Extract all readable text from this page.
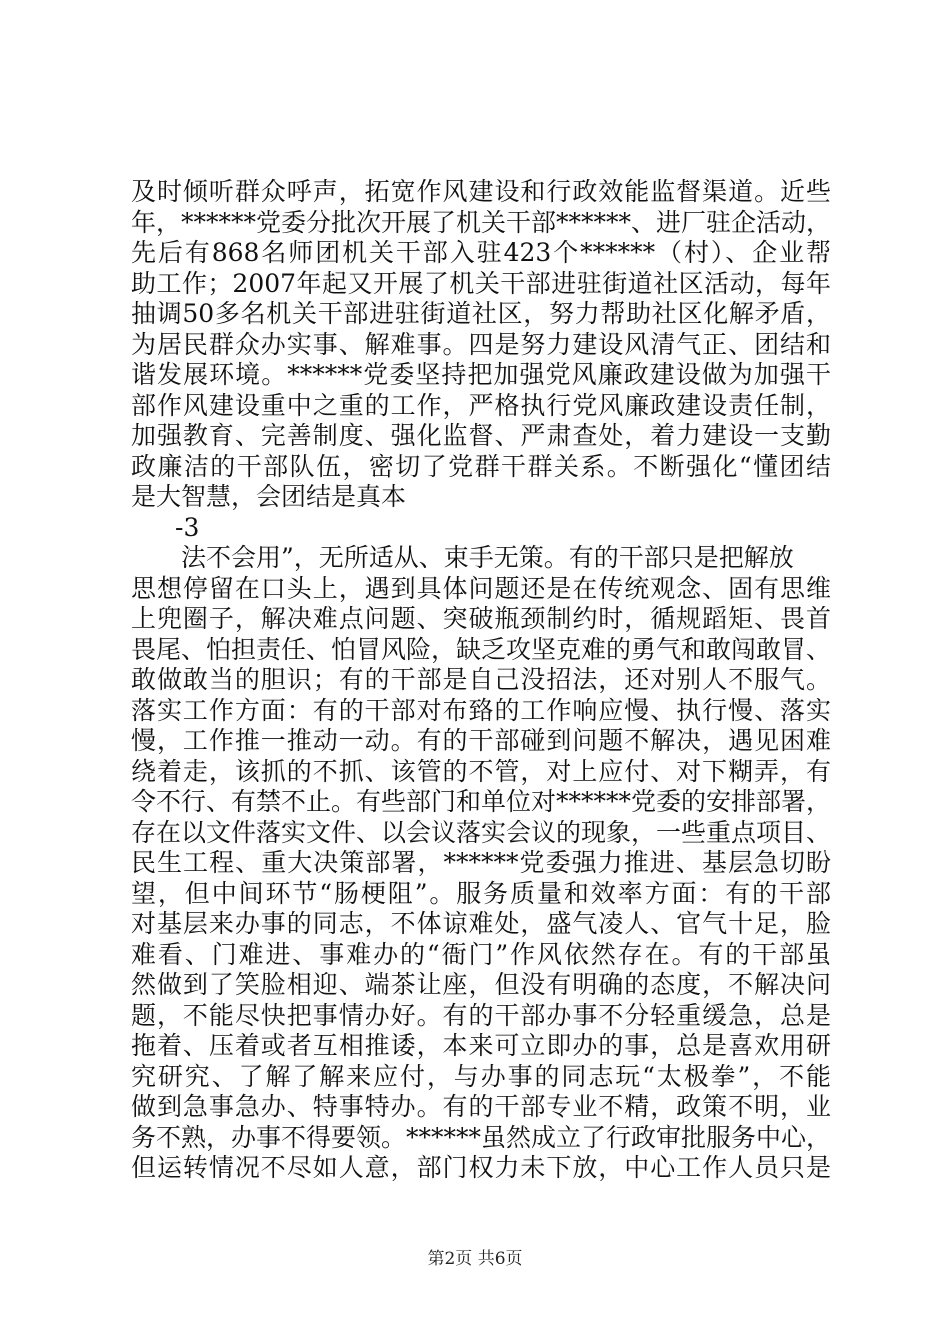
及时倾听群众呼声，拓宽作风建设和行政效能监督渠道。近些
年，******党委分批次开展了机关干部******、进厂驻企活动，
先后有868名师团机关干部入驻423个******（村）、企业帮
助工作；2007年起又开展了机关干部进驻街道社区活动，每年
抽调50多名机关干部进驻街道社区，努力帮助社区化解矛盾，
为居民群众办实事、解难事。四是努力建设风清气正、团结和
谐发展环境。******党委坚持把加强党风廉政建设做为加强干
部作风建设重中之重的工作，严格执行党风廉政建设责任制，
加强教育、完善制度、强化监督、严肃查处，着力建设一支勤
政廉洁的干部队伍，密切了党群干群关系。不断强化“懂团结
是大智慧，会团结是真本
-3
法不会用”，无所适从、束手无策。有的干部只是把解放
思想停留在口头上，遇到具体问题还是在传统观念、固有思维
上兜圈子，解决难点问题、突破瓶颈制约时，循规蹈矩、畏首
畏尾、怕担责任、怕冒风险，缺乏攻坚克难的勇气和敢闯敢冒、
敢做敢当的胆识；有的干部是自己没招法，还对别人不服气。
落实工作方面：有的干部对布臵的工作响应慢、执行慢、落实
慢，工作推一推动一动。有的干部碰到问题不解决，遇见困难
绕着走，该抓的不抓、该管的不管，对上应付、对下糊弄，有
令不行、有禁不止。有些部门和单位对******党委的安排部署，
存在以文件落实文件、以会议落实会议的现象，一些重点项目、
民生工程、重大决策部署，******党委强力推进、基层急切盼
望，但中间环节“肠梗阻”。服务质量和效率方面：有的干部
对基层来办事的同志，不体谅难处，盛气凌人、官气十足，脸
难看、门难进、事难办的“衙门”作风依然存在。有的干部虽
然做到了笑脸相迎、端茶让座，但没有明确的态度，不解决问
题，不能尽快把事情办好。有的干部办事不分轻重缓急，总是
拖着、压着或者互相推诿，本来可立即办的事，总是喜欢用研
究研究、了解了解来应付，与办事的同志玩“太极拳”，不能
做到急事急办、特事特办。有的干部专业不精，政策不明，业
务不熟，办事不得要领。******虽然成立了行政审批服务中心，
但运转情况不尽如人意，部门权力未下放，中心工作人员只是
第2页 共6页
